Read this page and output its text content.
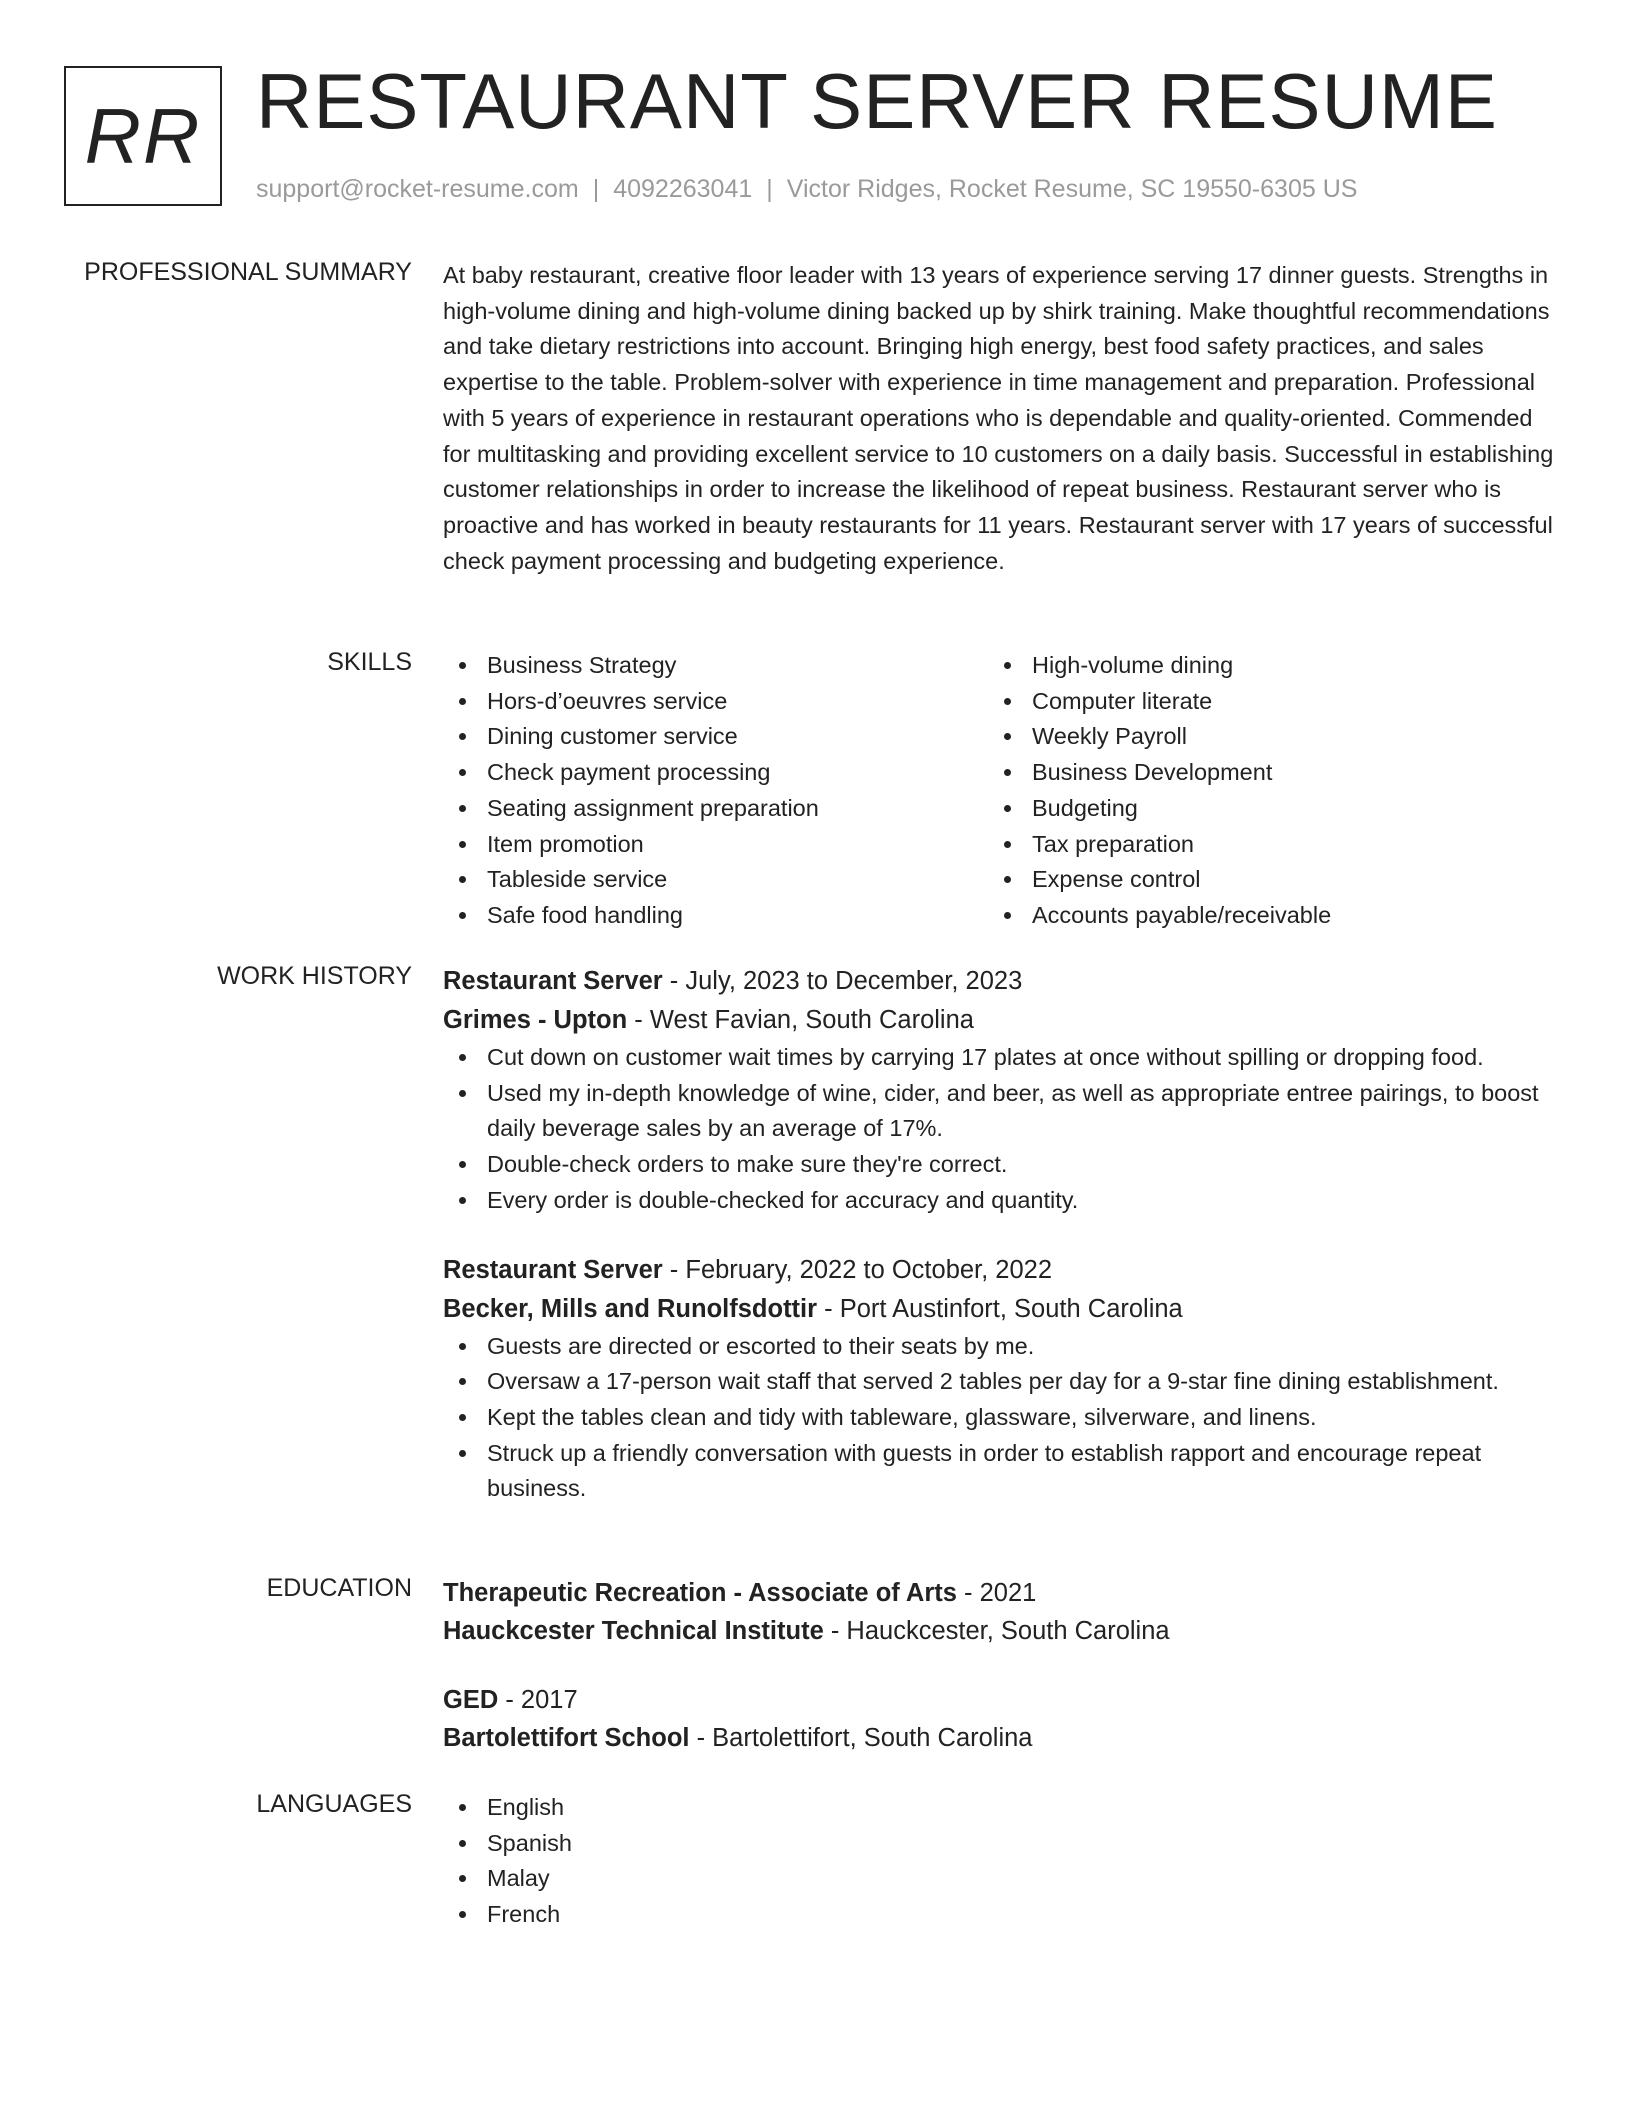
RR RESTAURANT SERVER RESUME
support@rocket-resume.com | 4092263041 | Victor Ridges, Rocket Resume, SC 19550-6305 US
PROFESSIONAL SUMMARY At baby restaurant, creative floor leader with 13 years of experience serving 17 dinner guests. Strengths in high-volume dining and high-volume dining backed up by shirk training. Make thoughtful recommendations and take dietary restrictions into account. Bringing high energy, best food safety practices, and sales expertise to the table. Problem-solver with experience in time management and preparation. Professional with 5 years of experience in restaurant operations who is dependable and quality-oriented. Commended for multitasking and providing excellent service to 10 customers on a daily basis. Successful in establishing customer relationships in order to increase the likelihood of repeat business. Restaurant server who is proactive and has worked in beauty restaurants for 11 years. Restaurant server with 17 years of successful check payment processing and budgeting experience.

SKILLS	Business Strategy
Hors-d’oeuvres service
Dining customer service
Check payment processing
Seating assignment preparation
Item promotion
Tableside service
Safe food handling
High-volume dining
Computer literate
Weekly Payroll
Business Development
Budgeting
Tax preparation
Expense control
Accounts payable/receivable
WORK HISTORY Restaurant Server - July, 2023 to December, 2023
Grimes - Upton - West Favian, South Carolina
Cut down on customer wait times by carrying 17 plates at once without spilling or dropping food.
Used my in-depth knowledge of wine, cider, and beer, as well as appropriate entree pairings, to boost daily beverage sales by an average of 17%.
Double-check orders to make sure they're correct.
Every order is double-checked for accuracy and quantity.
Restaurant Server - February, 2022 to October, 2022
Becker, Mills and Runolfsdottir - Port Austinfort, South Carolina
Guests are directed or escorted to their seats by me.
Oversaw a 17-person wait staff that served 2 tables per day for a 9-star fine dining establishment.
Kept the tables clean and tidy with tableware, glassware, silverware, and linens.
Struck up a friendly conversation with guests in order to establish rapport and encourage repeat business.
EDUCATION Therapeutic Recreation - Associate of Arts - 2021
Hauckcester Technical Institute - Hauckcester, South Carolina
GED - 2017
Bartolettifort School - Bartolettifort, South Carolina
LANGUAGES	English
Spanish
Malay
French
